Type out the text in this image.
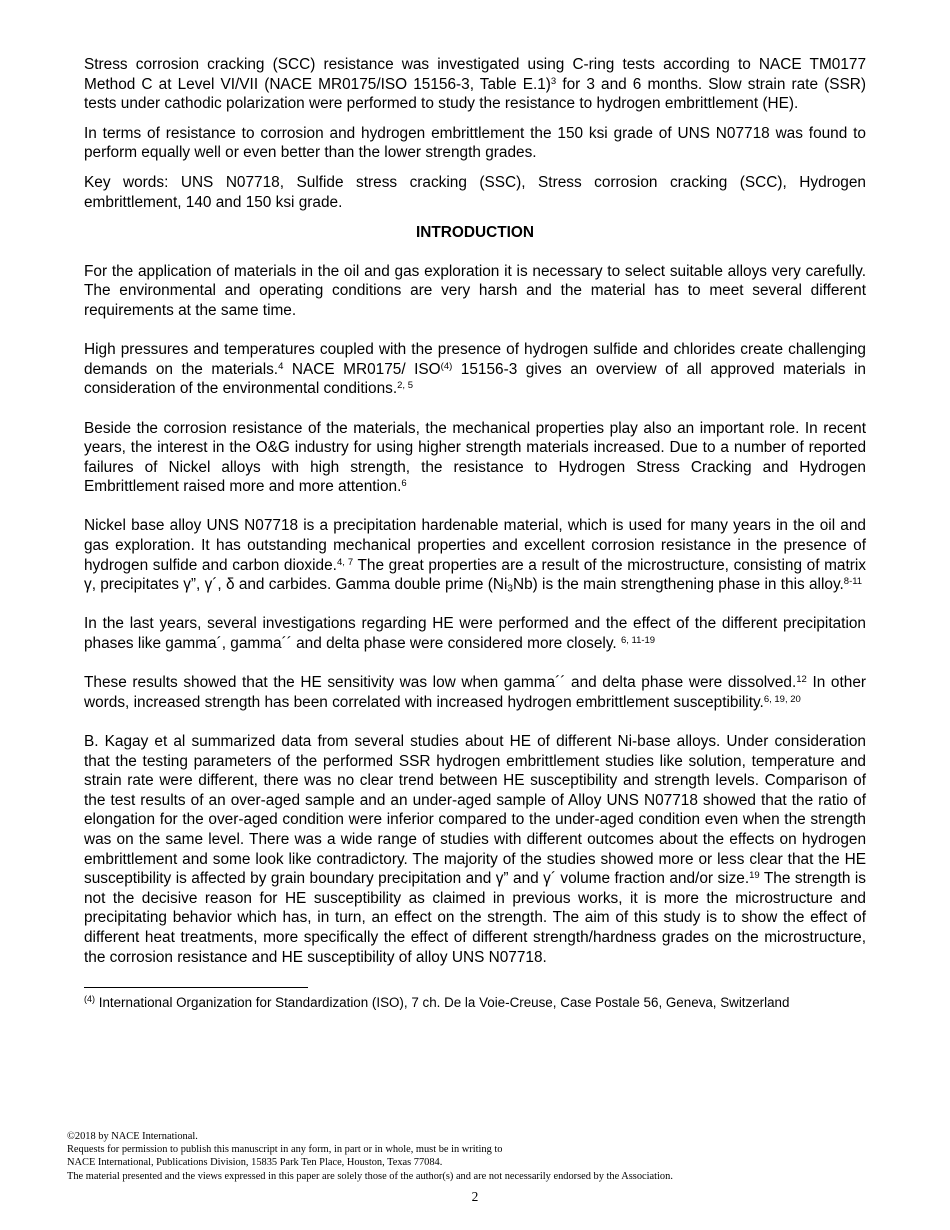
Stress corrosion cracking (SCC) resistance was investigated using C-ring tests according to NACE TM0177 Method C at Level VI/VII (NACE MR0175/ISO 15156-3, Table E.1)$^3$ for 3 and 6 months. Slow strain rate (SSR) tests under cathodic polarization were performed to study the resistance to hydrogen embrittlement (HE).

In terms of resistance to corrosion and hydrogen embrittlement the 150 ksi grade of UNS N07718 was found to perform equally well or even better than the lower strength grades.

Key words: UNS N07718, Sulfide stress cracking (SSC), Stress corrosion cracking (SCC), Hydrogen embrittlement, 140 and 150 ksi grade.

INTRODUCTION

For the application of materials in the oil and gas exploration it is necessary to select suitable alloys very carefully. The environmental and operating conditions are very harsh and the material has to meet several different requirements at the same time.

High pressures and temperatures coupled with the presence of hydrogen sulfide and chlorides create challenging demands on the materials.$^4$ NACE MR0175/ ISO$^{(4)}$ 15156-3 gives an overview of all approved materials in consideration of the environmental conditions.$^{2, 5}$

Beside the corrosion resistance of the materials, the mechanical properties play also an important role. In recent years, the interest in the O&G industry for using higher strength materials increased. Due to a number of reported failures of Nickel alloys with high strength, the resistance to Hydrogen Stress Cracking and Hydrogen Embrittlement raised more and more attention.$^6$

Nickel base alloy UNS N07718 is a precipitation hardenable material, which is used for many years in the oil and gas exploration. It has outstanding mechanical properties and excellent corrosion resistance in the presence of hydrogen sulfide and carbon dioxide.$^{4, 7}$ The great properties are a result of the microstructure, consisting of matrix γ, precipitates γ”, γ´, δ and carbides. Gamma double prime $(Ni_3Nb)$ is the main strengthening phase in this alloy.$^{8-11}$

In the last years, several investigations regarding HE were performed and the effect of the different precipitation phases like gamma´, gamma´´ and delta phase were considered more closely. $^{6, 11-19}$

These results showed that the HE sensitivity was low when gamma´´ and delta phase were dissolved.$^{12}$ In other words, increased strength has been correlated with increased hydrogen embrittlement susceptibility.$^{6, 19, 20}$

B. Kagay et al summarized data from several studies about HE of different Ni-base alloys. Under consideration that the testing parameters of the performed SSR hydrogen embrittlement studies like solution, temperature and strain rate were different, there was no clear trend between HE susceptibility and strength levels. Comparison of the test results of an over-aged sample and an under-aged sample of Alloy UNS N07718 showed that the ratio of elongation for the over-aged condition were inferior compared to the under-aged condition even when the strength was on the same level. There was a wide range of studies with different outcomes about the effects on hydrogen embrittlement and some look like contradictory. The majority of the studies showed more or less clear that the HE susceptibility is affected by grain boundary precipitation and γ” and γ´ volume fraction and/or size.$^{19}$ The strength is not the decisive reason for HE susceptibility as claimed in previous works, it is more the microstructure and precipitating behavior which has, in turn, an effect on the strength. The aim of this study is to show the effect of different heat treatments, more specifically the effect of different strength/hardness grades on the microstructure, the corrosion resistance and HE susceptibility of alloy UNS N07718.

$^{(4)}$ International Organization for Standardization (ISO), 7 ch. De la Voie-Creuse, Case Postale 56, Geneva, Switzerland

©2018 by NACE International.
Requests for permission to publish this manuscript in any form, in part or in whole, must be in writing to
NACE International, Publications Division, 15835 Park Ten Place, Houston, Texas 77084.
The material presented and the views expressed in this paper are solely those of the author(s) and are not necessarily endorsed by the Association.
2
